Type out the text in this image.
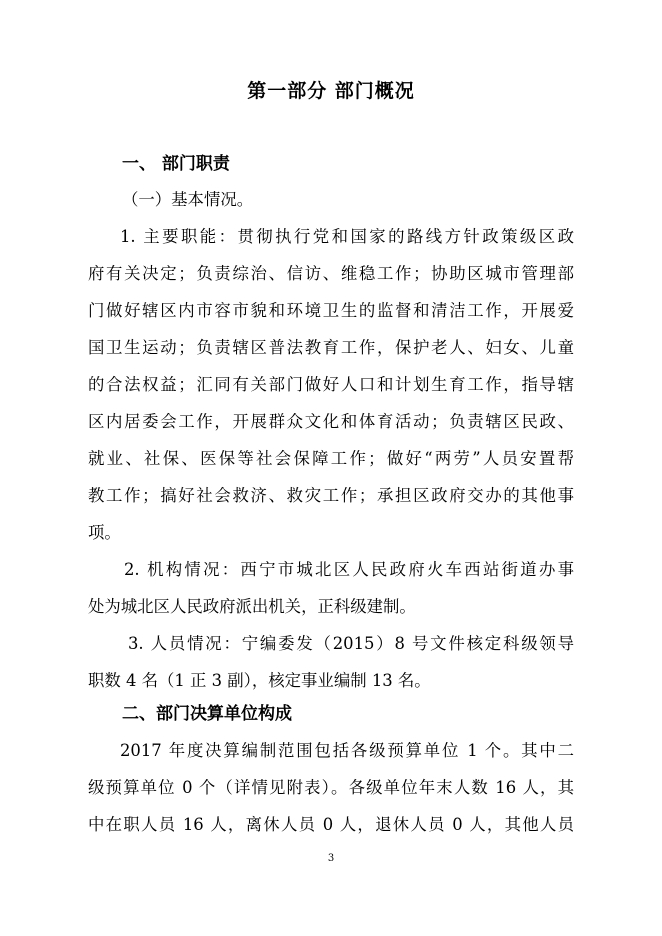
第一部分 部门概况
一、 部门职责

（一）基本情况。

1. 主要职能：贯彻执行党和国家的路线方针政策级区政

府有关决定；负责综治、信访、维稳工作；协助区城市管理部

门做好辖区内市容市貌和环境卫生的监督和清洁工作，开展爱

国卫生运动；负责辖区普法教育工作，保护老人、妇女、儿童

的合法权益；汇同有关部门做好人口和计划生育工作，指导辖

区内居委会工作，开展群众文化和体育活动；负责辖区民政、

就业、社保、医保等社会保障工作；做好“两劳”人员安置帮

教工作；搞好社会救济、救灾工作；承担区政府交办的其他事

项。

2. 机构情况：西宁市城北区人民政府火车西站街道办事

处为城北区人民政府派出机关，正科级建制。

3. 人员情况：宁编委发（2015）8 号文件核定科级领导

职数 4 名（1 正 3 副），核定事业编制 13 名。

二、部门决算单位构成

2017 年度决算编制范围包括各级预算单位 1 个。其中二

级预算单位 0 个（详情见附表）。各级单位年末人数 16 人，其

中在职人员 16 人，离休人员 0 人，退休人员 0 人，其他人员

3
